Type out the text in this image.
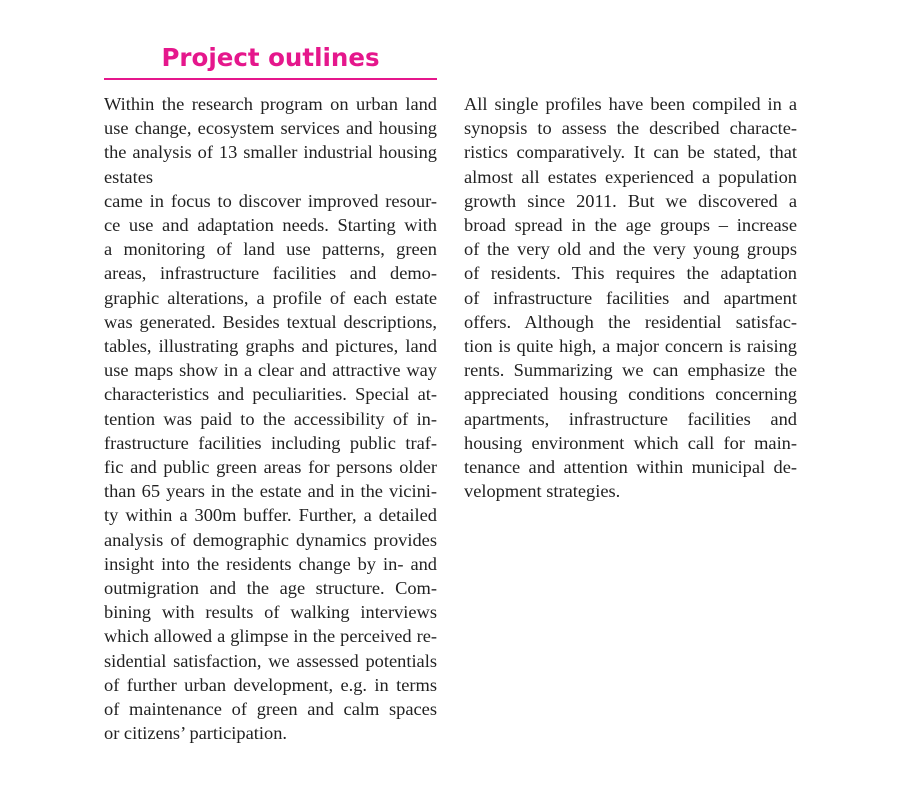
Project outlines
Within the research program on urban land
use change, ecosystem services and housing
the analysis of 13 smaller industrial housing
estates
came in focus to discover improved resour-
ce use and adaptation needs. Starting with
a monitoring of land use patterns, green
areas, infrastructure facilities and demo-
graphic alterations, a profile of each estate
was generated. Besides textual descriptions,
tables, illustrating graphs and pictures, land
use maps show in a clear and attractive way
characteristics and peculiarities. Special at-
tention was paid to the accessibility of in-
frastructure facilities including public traf-
fic and public green areas for persons older
than 65 years in the estate and in the vicini-
ty within a 300m buffer. Further, a detailed
analysis of demographic dynamics provides
insight into the residents change by in- and
outmigration and the age structure. Com-
bining with results of walking interviews
which allowed a glimpse in the perceived re-
sidential satisfaction, we assessed potentials
of further urban development, e.g. in terms
of maintenance of green and calm spaces
or citizens’ participation.
All single profiles have been compiled in a
synopsis to assess the described characte-
ristics comparatively. It can be stated, that
almost all estates experienced a population
growth since 2011. But we discovered a
broad spread in the age groups – increase
of the very old and the very young groups
of residents. This requires the adaptation
of infrastructure facilities and apartment
offers. Although the residential satisfac-
tion is quite high, a major concern is raising
rents. Summarizing we can emphasize the
appreciated housing conditions concerning
apartments, infrastructure facilities and
housing environment which call for main-
tenance and attention within municipal de-
velopment strategies.
